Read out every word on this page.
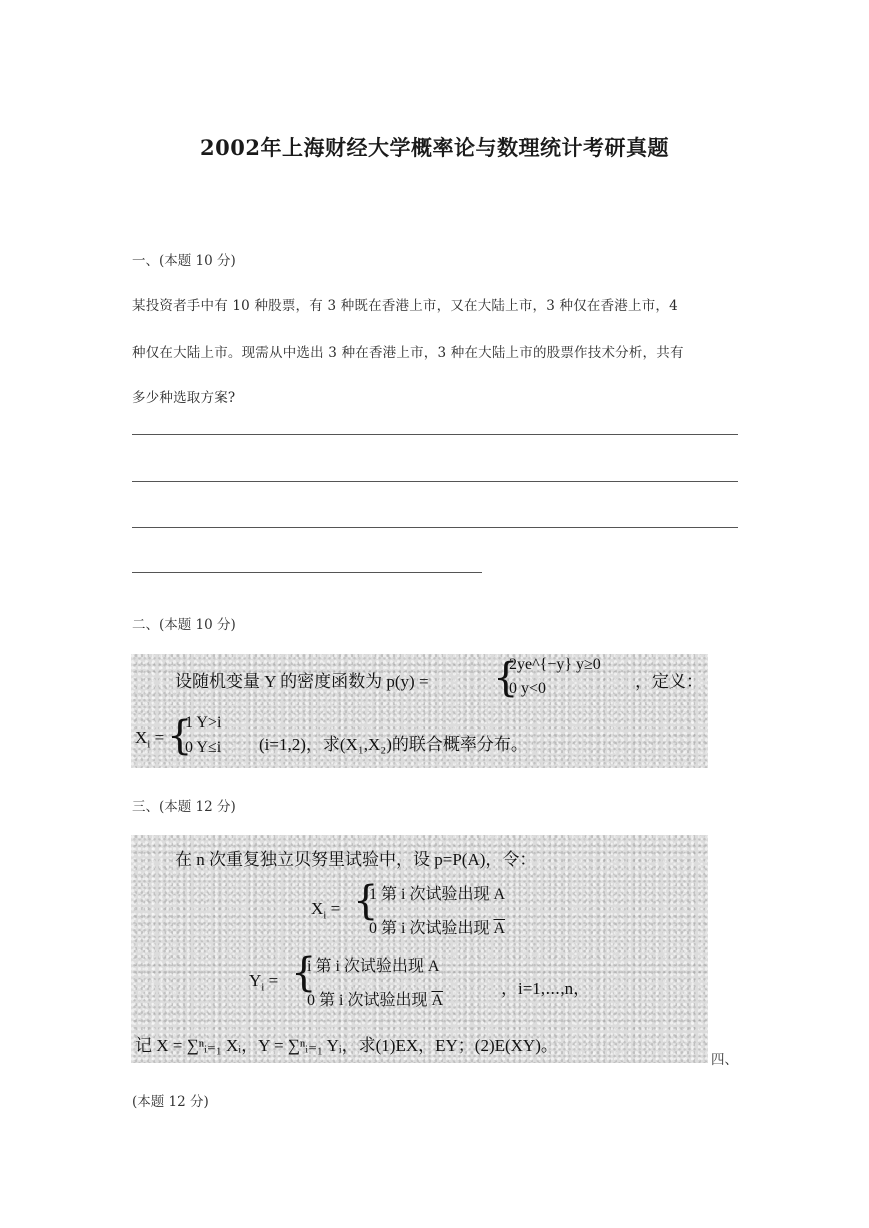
2002年上海财经大学概率论与数理统计考研真题
一、(本题 10 分)
某投资者手中有 10 种股票，有 3 种既在香港上市，又在大陆上市，3 种仅在香港上市，4
种仅在大陆上市。现需从中选出 3 种在香港上市，3 种在大陆上市的股票作技术分析，共有
多少种选取方案?
二、(本题 10 分)
设随机变量 Y 的密度函数为 p(y) = {
2ye^{−y} y≥0
0 y<0	，定义：
$X_i$ = {
1 Y>i
0 Y≤i (i=1,2)，求(X₁,X₂)的联合概率分布。
三、(本题 12 分)
在 n 次重复独立贝努里试验中，设 p=P(A)，令：
$X_i$ = {
1 第 i 次试验出现 A
0 第 i 次试验出现 $\overline{A}$
$Y_i$ = {
i 第 i 次试验出现 A
0 第 i 次试验出现 $\overline{A}$
，i=1,⋯,n，
记 X = ∑ⁿᵢ₌₁ Xᵢ，Y = ∑ⁿᵢ₌₁ Yᵢ，求(1)EX，EY；(2)E(XY)。
四、
(本题 12 分)
